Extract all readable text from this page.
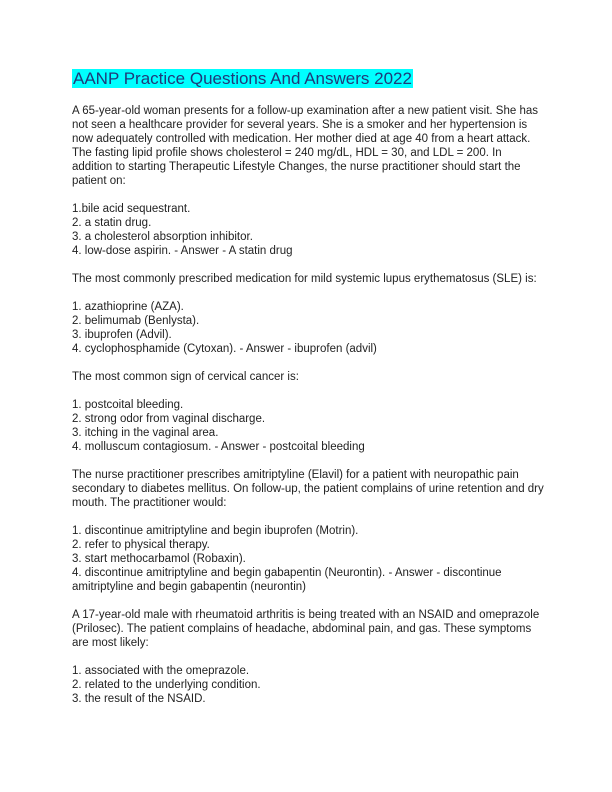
AANP Practice Questions And Answers 2022
A 65-year-old woman presents for a follow-up examination after a new patient visit. She has not seen a healthcare provider for several years. She is a smoker and her hypertension is now adequately controlled with medication. Her mother died at age 40 from a heart attack. The fasting lipid profile shows cholesterol = 240 mg/dL, HDL = 30, and LDL = 200. In addition to starting Therapeutic Lifestyle Changes, the nurse practitioner should start the patient on:
1.bile acid sequestrant.
2. a statin drug.
3. a cholesterol absorption inhibitor.
4. low-dose aspirin. - Answer - A statin drug
The most commonly prescribed medication for mild systemic lupus erythematosus (SLE) is:
1. azathioprine (AZA).
2. belimumab (Benlysta).
3. ibuprofen (Advil).
4. cyclophosphamide (Cytoxan). - Answer - ibuprofen (advil)
The most common sign of cervical cancer is:
1. postcoital bleeding.
2. strong odor from vaginal discharge.
3. itching in the vaginal area.
4. molluscum contagiosum. - Answer - postcoital bleeding
The nurse practitioner prescribes amitriptyline (Elavil) for a patient with neuropathic pain secondary to diabetes mellitus. On follow-up, the patient complains of urine retention and dry mouth. The practitioner would:
1. discontinue amitriptyline and begin ibuprofen (Motrin).
2. refer to physical therapy.
3. start methocarbamol (Robaxin).
4. discontinue amitriptyline and begin gabapentin (Neurontin). - Answer - discontinue amitriptyline and begin gabapentin (neurontin)
A 17-year-old male with rheumatoid arthritis is being treated with an NSAID and omeprazole (Prilosec). The patient complains of headache, abdominal pain, and gas. These symptoms are most likely:
1. associated with the omeprazole.
2. related to the underlying condition.
3. the result of the NSAID.
